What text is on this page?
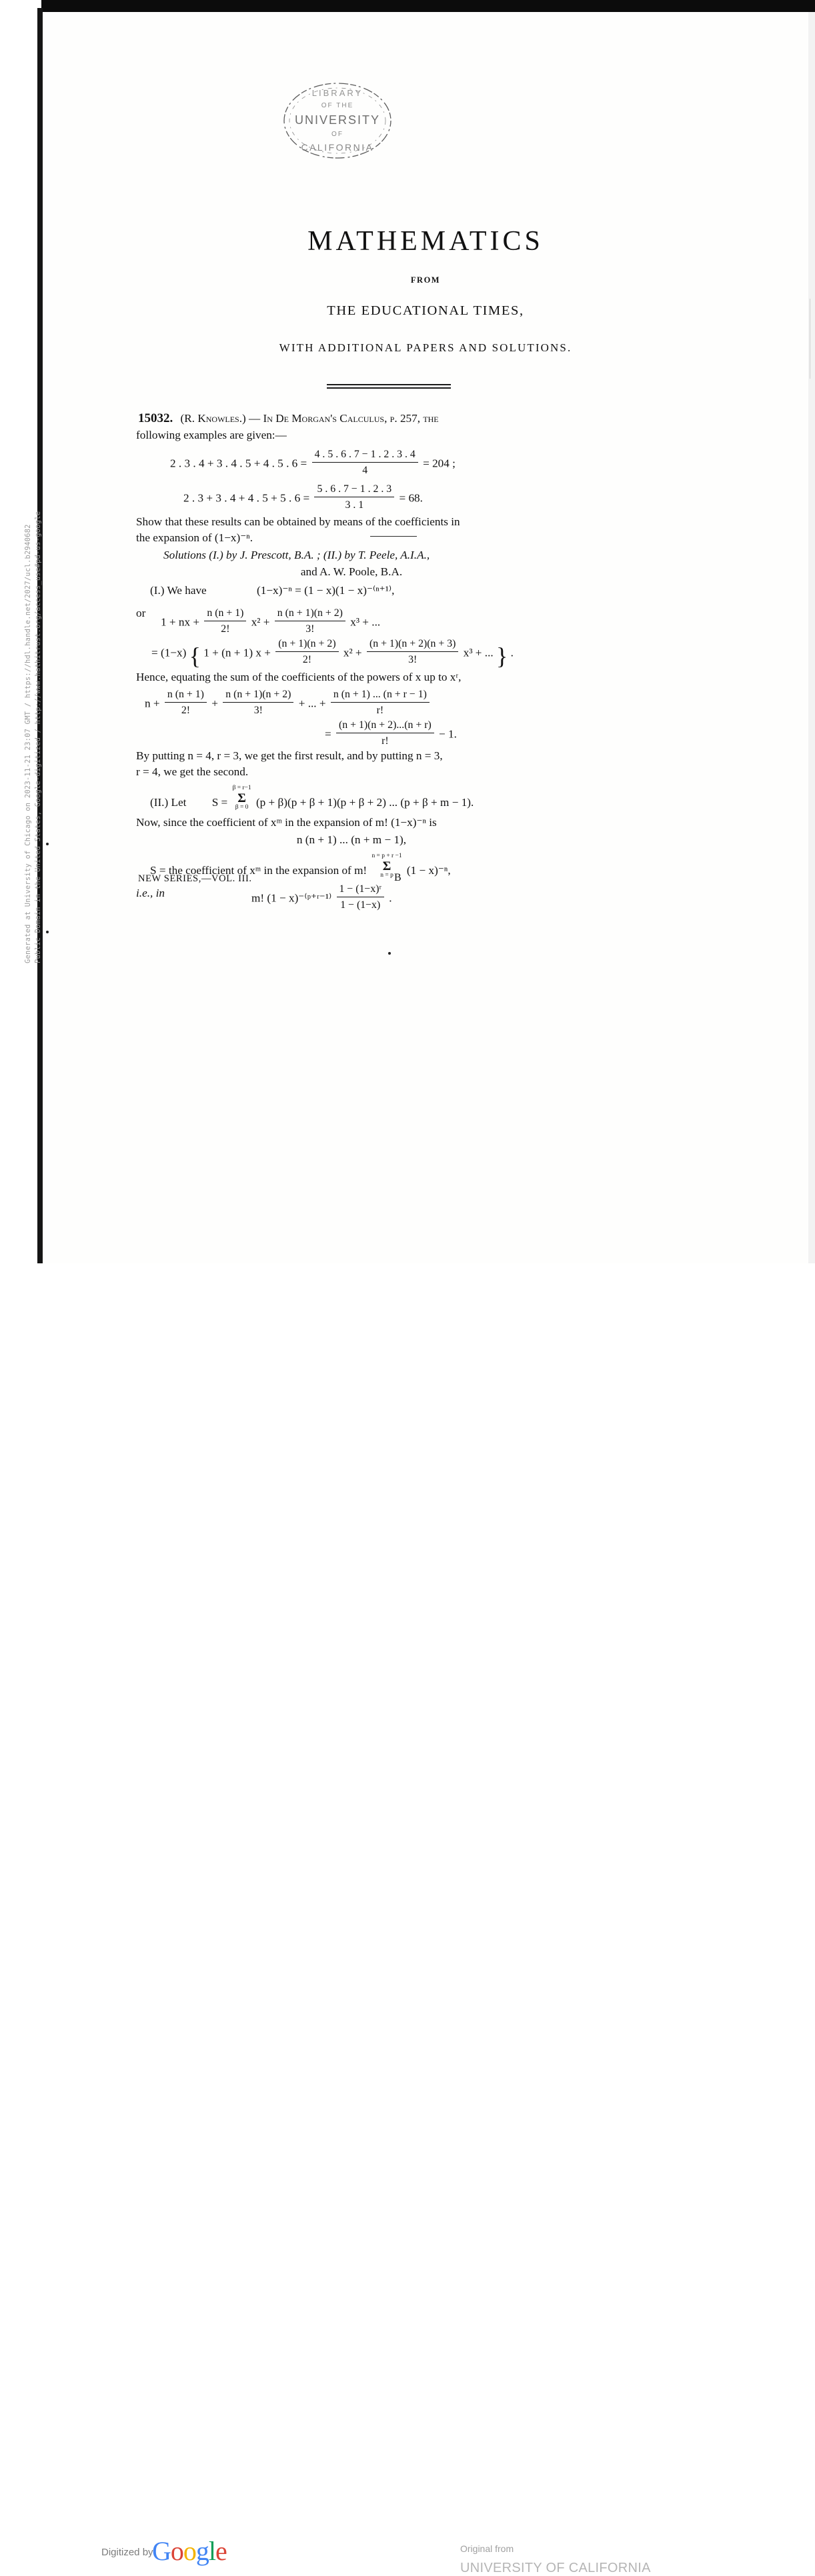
Generated at University of Chicago on 2023-11-21 23:07 GMT / https://hdl.handle.net/2027/ucl.b2940682 Public Domain in the United States, Google-digitized / http://www.hathitrust.org/access_use#pd-us-google
LIBRARY
OF THE
UNIVERSITY
OF
CALIFORNIA
MATHEMATICS
FROM
THE EDUCATIONAL TIMES,
WITH ADDITIONAL PAPERS AND SOLUTIONS.
15032. (R. Knowles.) — In De Morgan's Calculus, p. 257, the
following examples are given:—
2 . 3 . 4 + 3 . 4 . 5 + 4 . 5 . $6 = \frac{4 . 5 . 6 . 7 - 1 . 2 . 3 . 4}{4} = 204$ ;
2 . 3 + 3 . 4 + 4 . 5 + 5 . $6 = \frac{5 . 6 . 7 - 1 . 2 . 3}{3 . 1} = 68$.
Show that these results can be obtained by means of the coefficients in
the expansion of (1−x)⁻ⁿ.
Solutions (I.) by J. Prescott, B.A. ; (II.) by T. Peele, A.I.A.,
and A. W. Poole, B.A.
(I.) We have	(1−x)⁻ⁿ = (1 − x)(1 − x)⁻⁽ⁿ⁺¹⁾,
or
1 + nx + $\frac{n (n + 1)}{2!} x^2 + \frac{n (n + 1)(n + 2)}{3!} x^3$ + ...
= (1−x) { 1 + (n + 1) $x + \frac{(n + 1)(n + 2)}{2!} x^2 + \frac{(n + 1)(n + 2)(n + 3)}{3!} x^3$ + ... } .
Hence, equating the sum of the coefficients of the powers of x up to xʳ,
$n + \frac{n (n + 1)}{2!} + \frac{n (n + 1)(n + 2)}{3!}$ + ... + $\frac{n (n + 1) ... (n + r - 1)}{r!}$
= $\frac{(n + 1)(n + 2)...(n + r)}{r!} - 1$.
By putting n = 4, r = 3, we get the first result, and by putting n = 3,
r = 4, we get the second.
(II.) Let S =
β = r−1
Σ
β = 0 (p + β)(p + β + 1)(p + β + 2) ... (p + β + m − 1).
Now, since the coefficient of xᵐ in the expansion of m! (1−x)⁻ⁿ is
n (n + 1) ... (n + m − 1),
S = the coefficient of xᵐ in the expansion of m!
n = p + r −1
Σ
n = p	(1 − x)⁻ⁿ,
i.e., in	m! (1 − x)⁻⁽ᵖ⁺ʳ⁻¹⁾ $\frac{\text{1 − (1−x)ʳ}}{1 - (1-x)}$ .
NEW SERIES,—VOL. III.	B
Digitized by
Google	Original from
UNIVERSITY OF CALIFORNIA
